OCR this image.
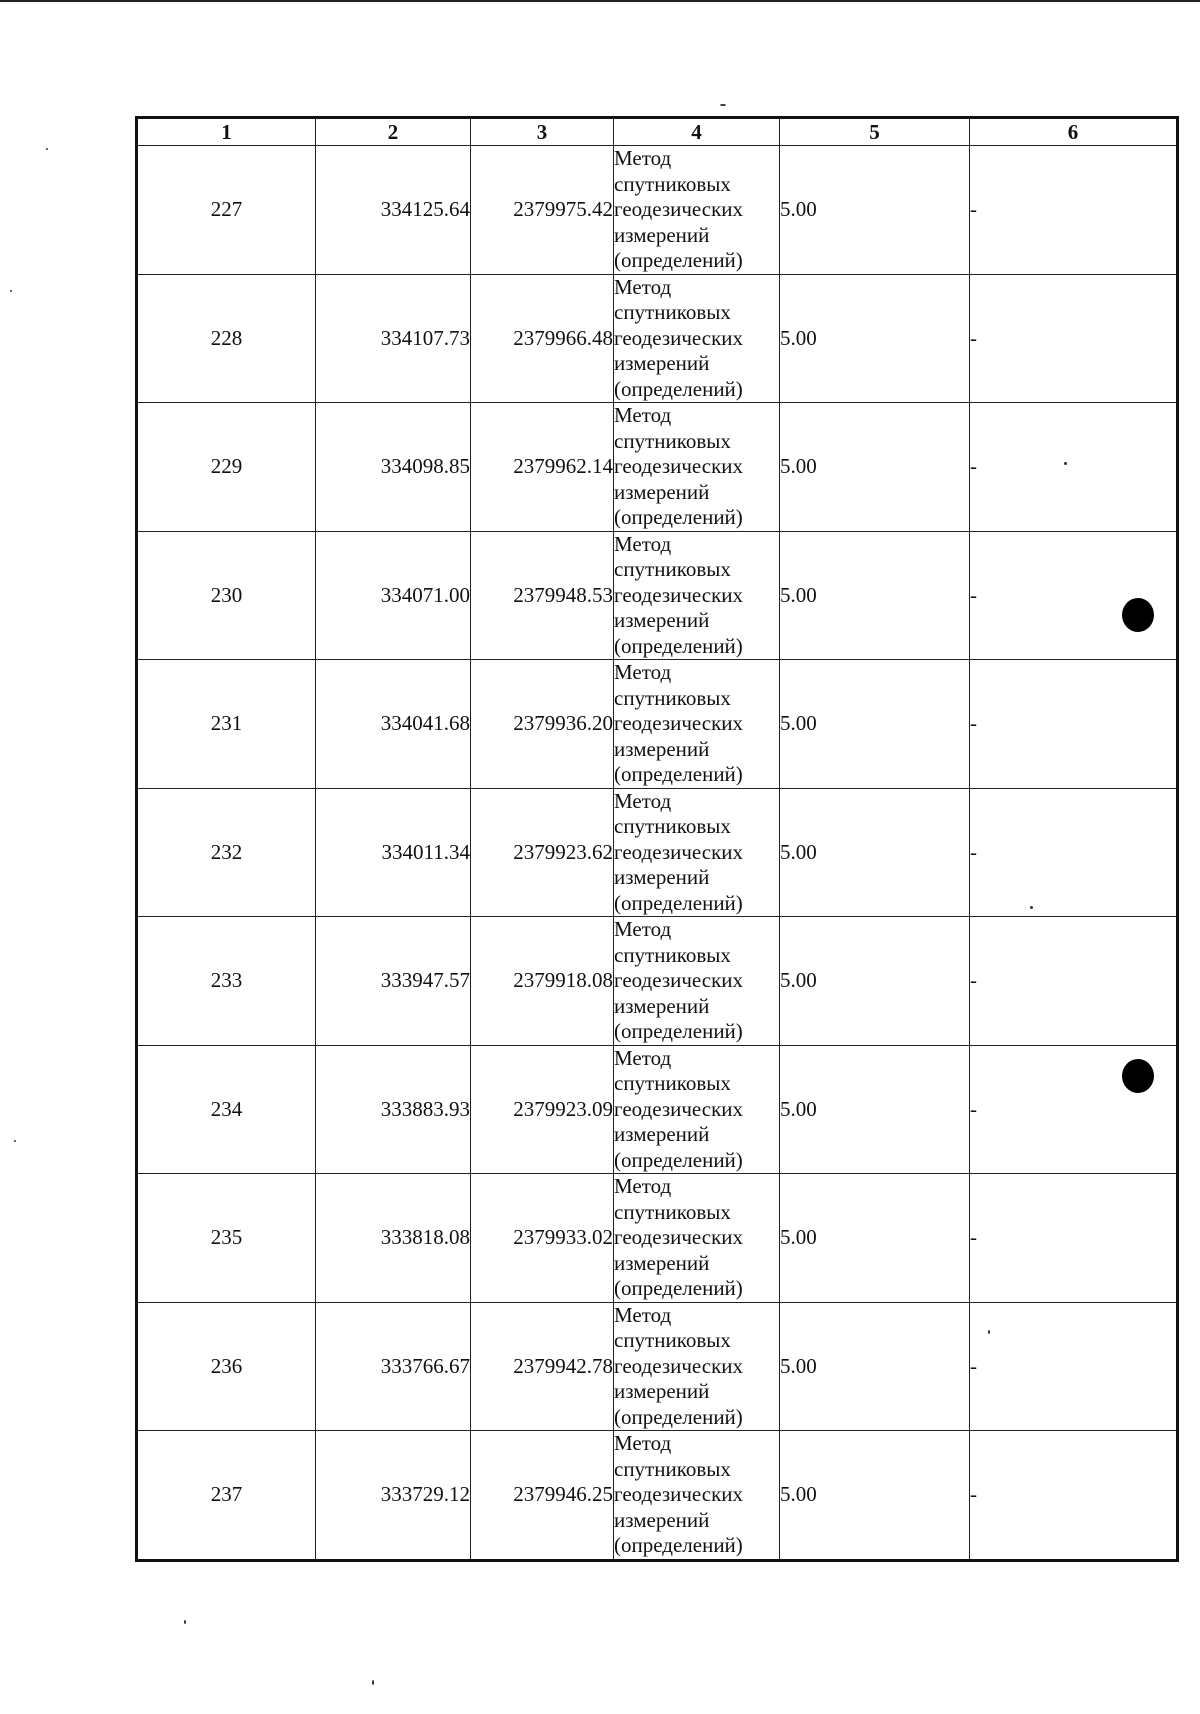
1	2	3	4	5	6
227	334125.64	2379975.42	Метод спутниковых геодезических измерений (определений)	5.00	-
228	334107.73	2379966.48	Метод спутниковых геодезических измерений (определений)	5.00	-
229	334098.85	2379962.14	Метод спутниковых геодезических измерений (определений)	5.00	-
230	334071.00	2379948.53	Метод спутниковых геодезических измерений (определений)	5.00	-
231	334041.68	2379936.20	Метод спутниковых геодезических измерений (определений)	5.00	-
232	334011.34	2379923.62	Метод спутниковых геодезических измерений (определений)	5.00	-
233	333947.57	2379918.08	Метод спутниковых геодезических измерений (определений)	5.00	-
234	333883.93	2379923.09	Метод спутниковых геодезических измерений (определений)	5.00	-
235	333818.08	2379933.02	Метод спутниковых геодезических измерений (определений)	5.00	-
236	333766.67	2379942.78	Метод спутниковых геодезических измерений (определений)	5.00	-
237	333729.12	2379946.25	Метод спутниковых геодезических измерений (определений)	5.00	-
